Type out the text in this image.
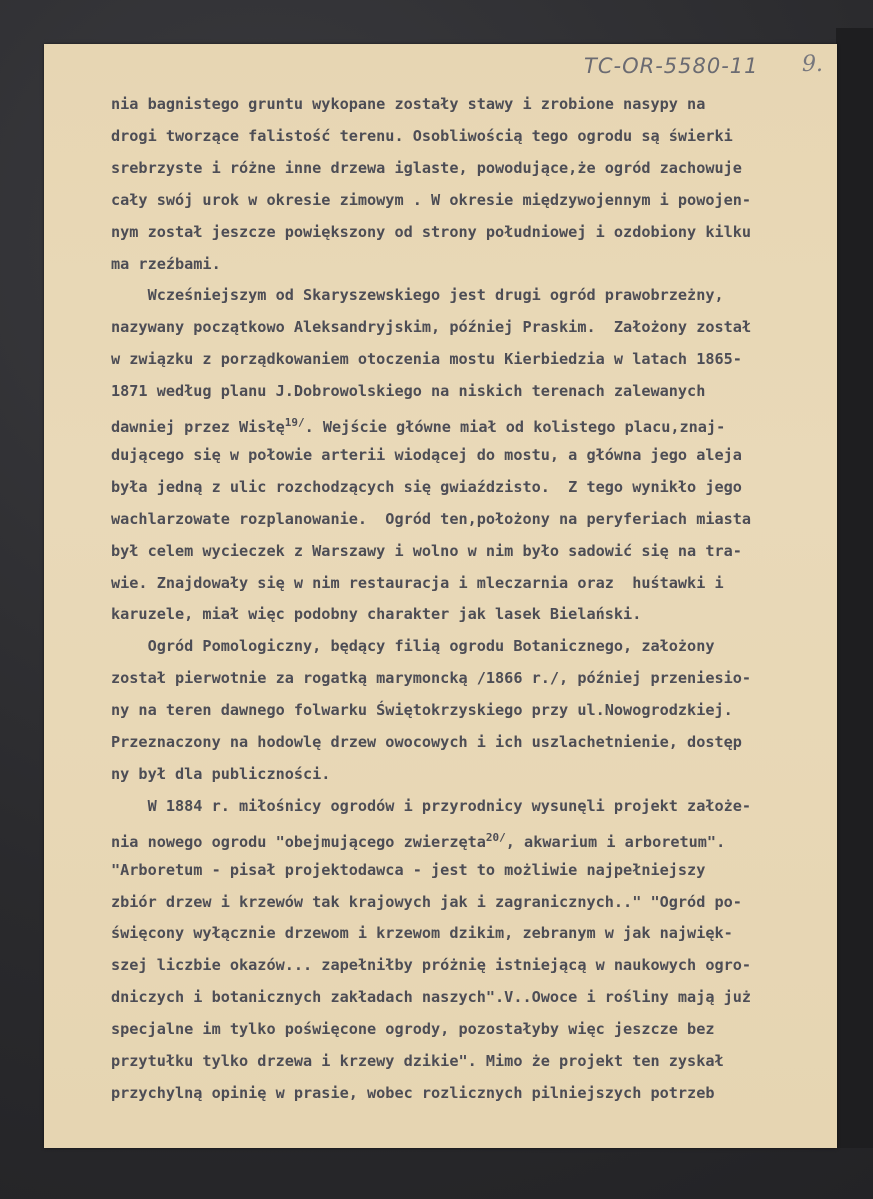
TC-OR-5580-11 9.
nia bagnistego gruntu wykopane zostały stawy i zrobione nasypy na
drogi tworzące falistość terenu. Osobliwością tego ogrodu są świerki
srebrzyste i różne inne drzewa iglaste, powodujące,że ogród zachowuje
cały swój urok w okresie zimowym . W okresie międzywojennym i powojen-
nym został jeszcze powiększony od strony południowej i ozdobiony kilku
ma rzeźbami.
Wcześniejszym od Skaryszewskiego jest drugi ogród prawobrzeżny,
nazywany początkowo Aleksandryjskim, później Praskim.  Założony został
w związku z porządkowaniem otoczenia mostu Kierbiedzia w latach 1865-
1871 według planu J.Dobrowolskiego na niskich terenach zalewanych
dawniej przez Wisłę$^{19/}$. Wejście główne miał od kolistego placu,znaj-
dującego się w połowie arterii wiodącej do mostu, a główna jego aleja
była jedną z ulic rozchodzących się gwiaździsto.  Z tego wynikło jego
wachlarzowate rozplanowanie.  Ogród ten,położony na peryferiach miasta
był celem wycieczek z Warszawy i wolno w nim było sadowić się na tra-
wie. Znajdowały się w nim restauracja i mleczarnia oraz  huśtawki i
karuzele, miał więc podobny charakter jak lasek Bielański.
Ogród Pomologiczny, będący filią ogrodu Botanicznego, założony
został pierwotnie za rogatką marymoncką /1866 r./, później przeniesio-
ny na teren dawnego folwarku Świętokrzyskiego przy ul.Nowogrodzkiej.
Przeznaczony na hodowlę drzew owocowych i ich uszlachetnienie, dostęp
ny był dla publiczności.
W 1884 r. miłośnicy ogrodów i przyrodnicy wysunęli projekt założe-
nia nowego ogrodu "obejmującego zwierzęta$^{20/}$, akwarium i arboretum".
"Arboretum - pisał projektodawca - jest to możliwie najpełniejszy
zbiór drzew i krzewów tak krajowych jak i zagranicznych.." "Ogród po-
święcony wyłącznie drzewom i krzewom dzikim, zebranym w jak najwięk-
szej liczbie okazów... zapełniłby próżnię istniejącą w naukowych ogro-
dniczych i botanicznych zakładach naszych".V..Owoce i rośliny mają już
specjalne im tylko poświęcone ogrody, pozostałyby więc jeszcze bez
przytułku tylko drzewa i krzewy dzikie". Mimo że projekt ten zyskał
przychylną opinię w prasie, wobec rozlicznych pilniejszych potrzeb
